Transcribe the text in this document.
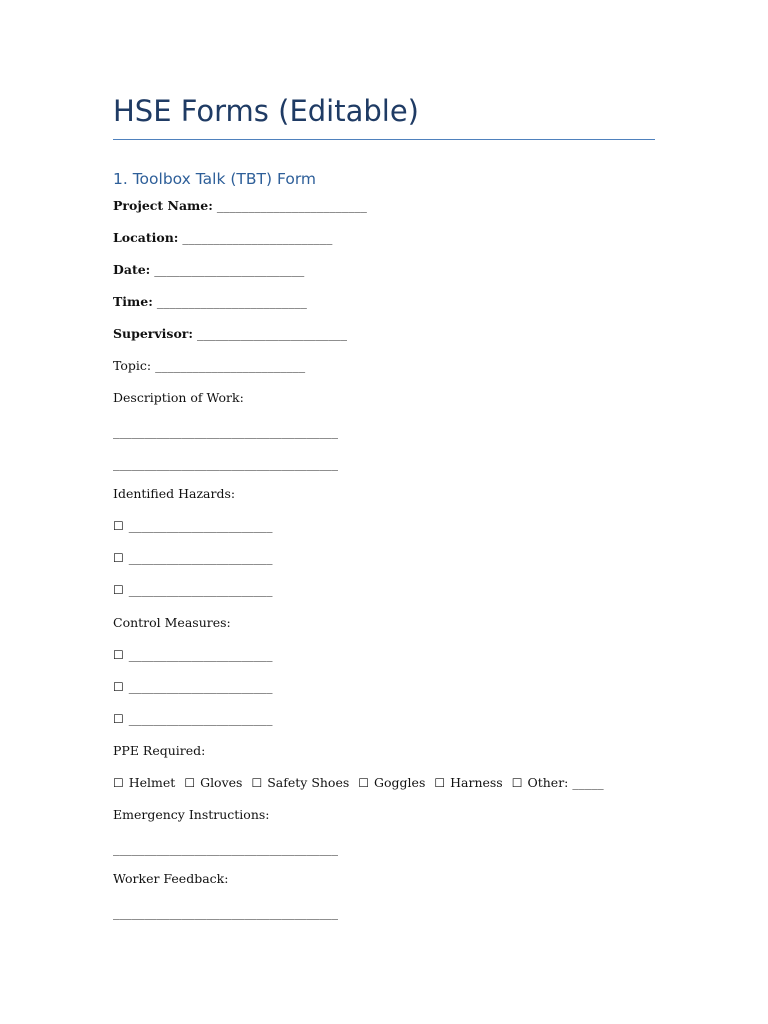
HSE Forms (Editable)
1. Toolbox Talk (TBT) Form
Project Name: ________________________
Location: ________________________
Date: ________________________
Time: ________________________
Supervisor: ________________________
Topic: ________________________
Description of Work:
____________________________________
____________________________________
Identified Hazards:
☐ _______________________
☐ _______________________
☐ _______________________
Control Measures:
☐ _______________________
☐ _______________________
☐ _______________________
PPE Required:
☐ Helmet ☐ Gloves ☐ Safety Shoes ☐ Goggles ☐ Harness ☐ Other: _____
Emergency Instructions:
____________________________________
Worker Feedback:
____________________________________
